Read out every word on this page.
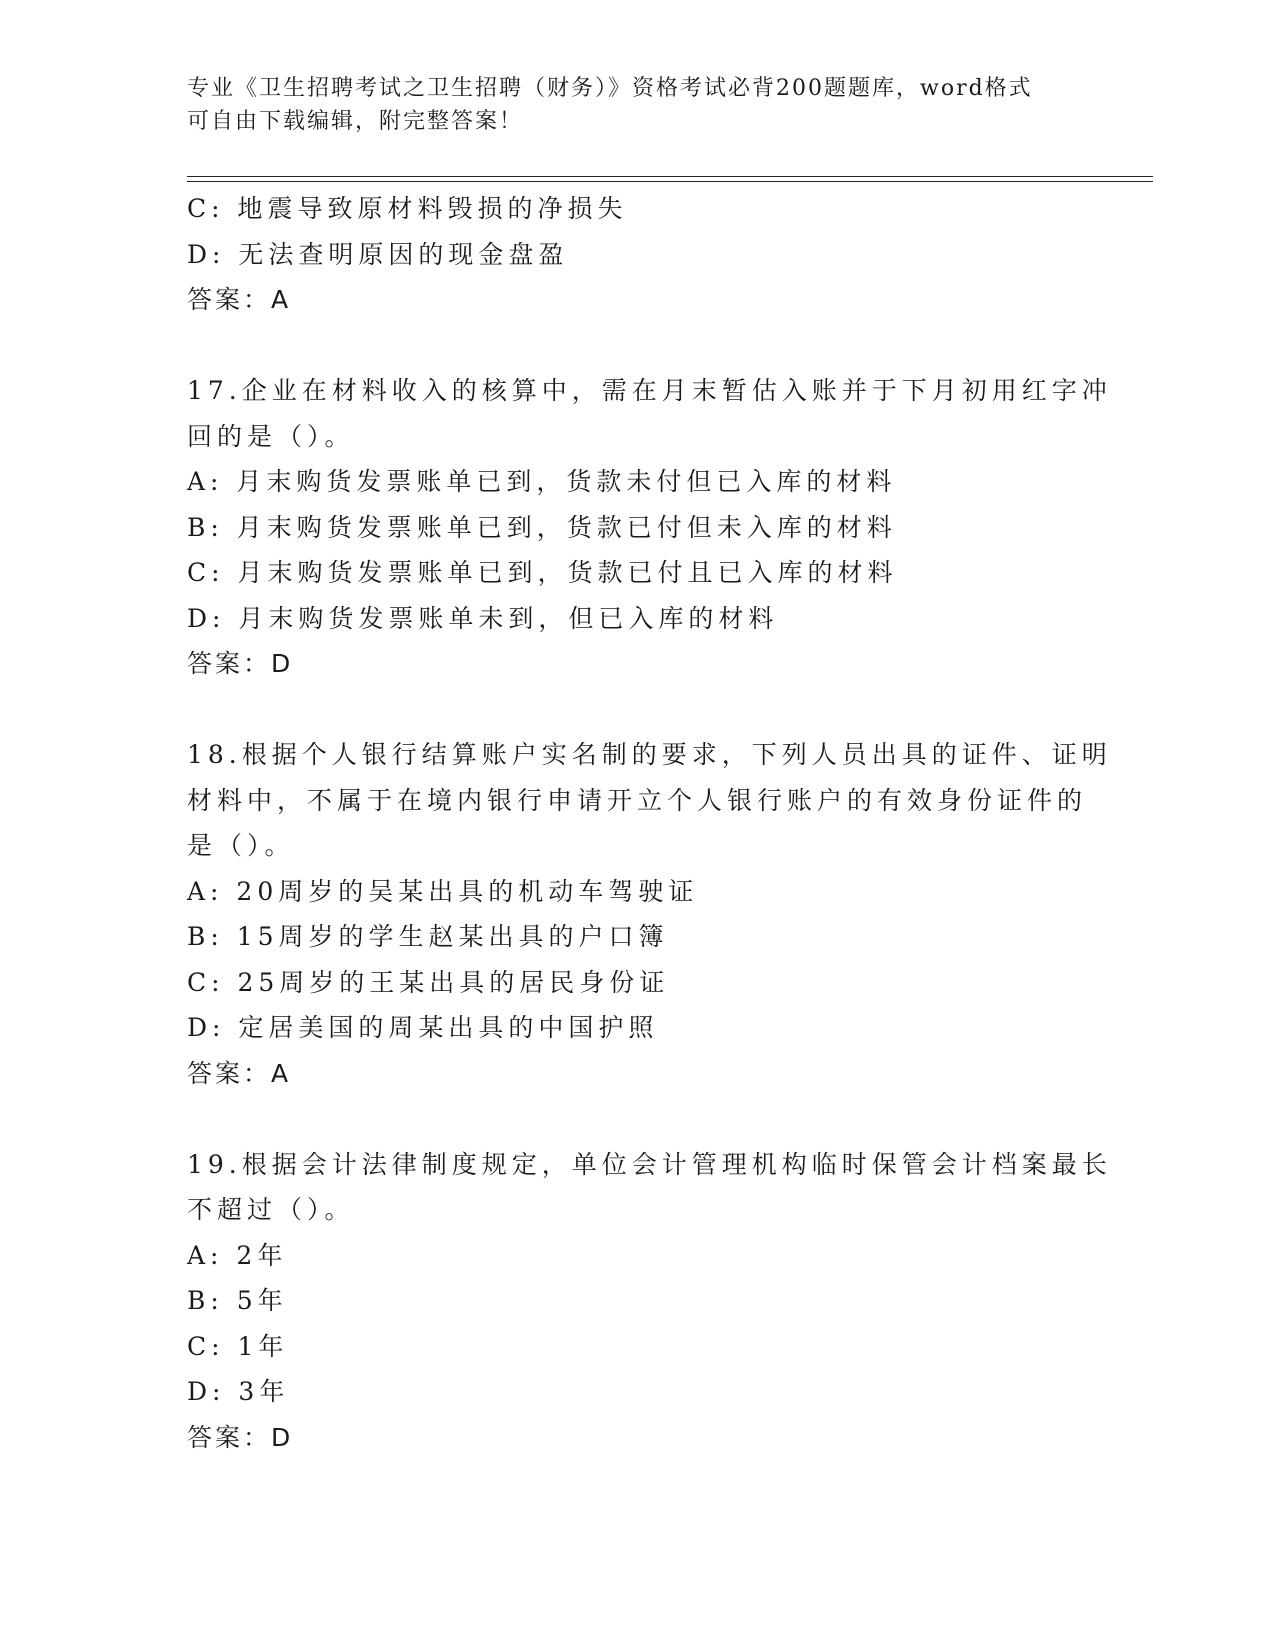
专业《卫生招聘考试之卫生招聘（财务）》资格考试必背200题题库，word格式
可自由下载编辑，附完整答案！
C: 地震导致原材料毁损的净损失
D: 无法查明原因的现金盘盈
答案：A
17.企业在材料收入的核算中，需在月末暂估入账并于下月初用红字冲
回的是（）。
A: 月末购货发票账单已到，货款未付但已入库的材料
B: 月末购货发票账单已到，货款已付但未入库的材料
C: 月末购货发票账单已到，货款已付且已入库的材料
D: 月末购货发票账单未到，但已入库的材料
答案：D
18.根据个人银行结算账户实名制的要求，下列人员出具的证件、证明
材料中，不属于在境内银行申请开立个人银行账户的有效身份证件的
是（）。
A: 20周岁的吴某出具的机动车驾驶证
B: 15周岁的学生赵某出具的户口簿
C: 25周岁的王某出具的居民身份证
D: 定居美国的周某出具的中国护照
答案：A
19.根据会计法律制度规定，单位会计管理机构临时保管会计档案最长
不超过（）。
A: 2年
B: 5年
C: 1年
D: 3年
答案：D
